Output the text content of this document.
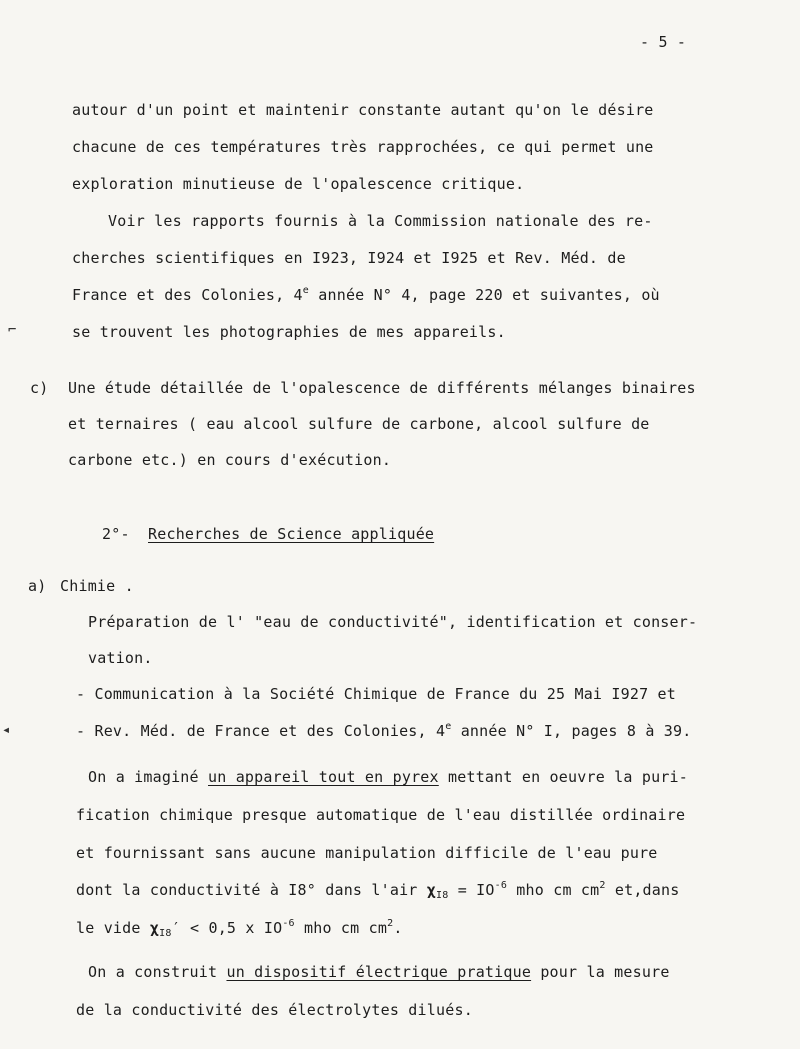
⌐
◂
- 5 -
autour d'un point et maintenir constante autant qu'on le désire
chacune de ces températures très rapprochées, ce qui permet une
exploration minutieuse de l'opalescence critique.
Voir les rapports fournis à la Commission nationale des re-
cherches scientifiques en I923, I924 et I925 et Rev. Méd. de
France et des Colonies, 4e année N° 4, page 220 et suivantes, où
se trouvent les photographies de mes appareils.
c) Une étude détaillée de l'opalescence de différents mélanges binaires
et ternaires ( eau alcool sulfure de carbone, alcool sulfure de
carbone etc.) en cours d'exécution.
2°- Recherches de Science appliquée
a) Chimie .
Préparation de l' "eau de conductivité", identification et conser-
vation.
- Communication à la Société Chimique de France du 25 Mai I927 et
- Rev. Méd. de France et des Colonies, 4e année N° I, pages 8 à 39.
On a imaginé un appareil tout en pyrex mettant en oeuvre la puri-
fication chimique presque automatique de l'eau distillée ordinaire
et fournissant sans aucune manipulation difficile de l'eau pure
dont la conductivité à I8° dans l'air $\chi_{I8} = IO^{-6}$ mho cm $cm^2$ et,dans
le vide $\chi_{I8}' < 0,5$ x $IO^{-6}$ mho cm $cm^2$.
On a construit un dispositif électrique pratique pour la mesure
de la conductivité des électrolytes dilués.
